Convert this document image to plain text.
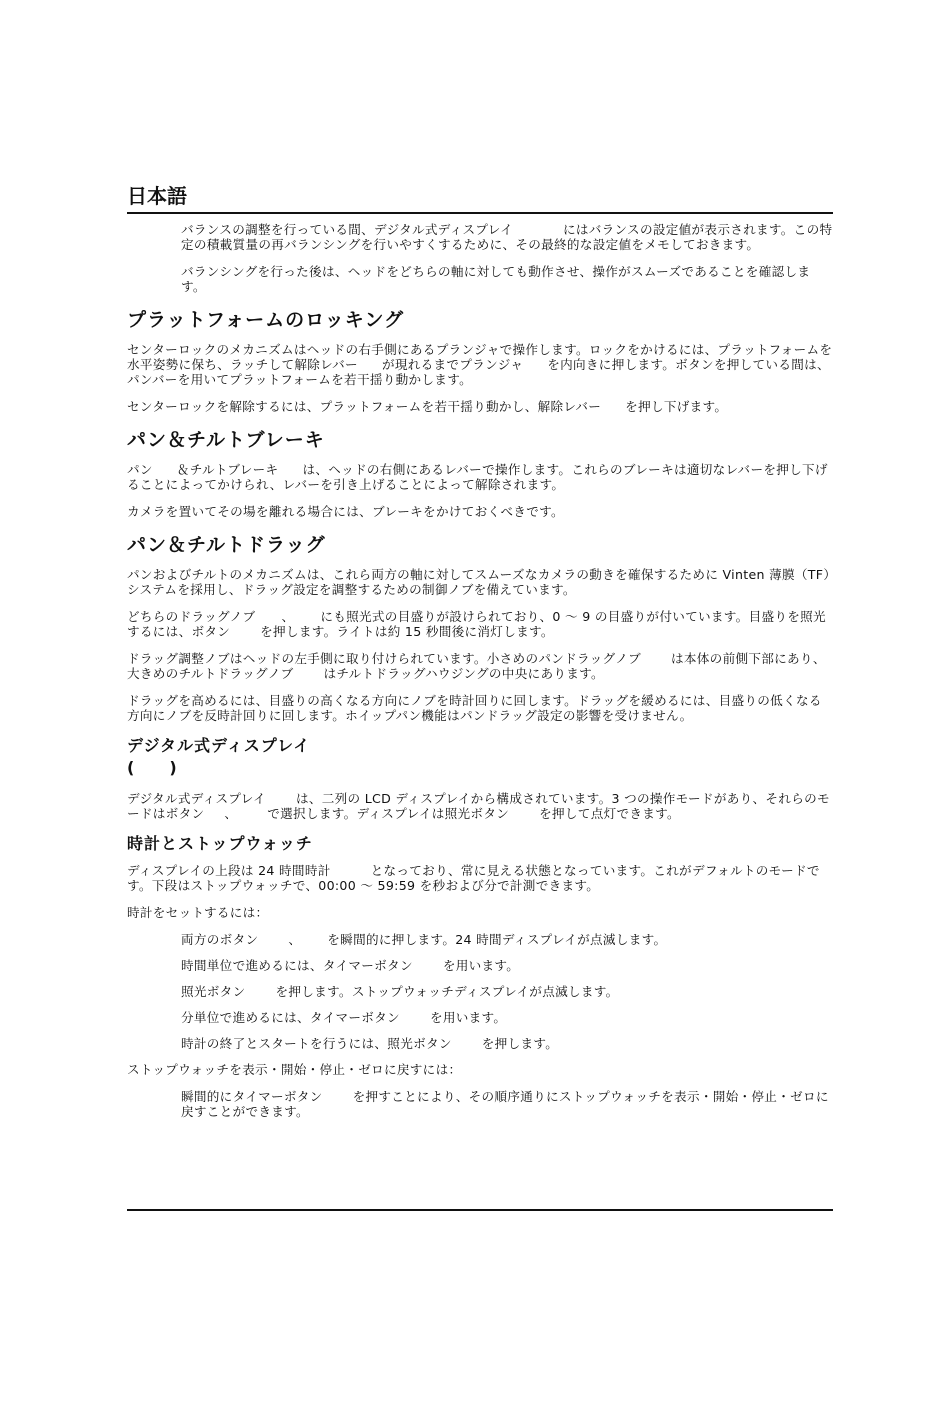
日本語

バランスの調整を行っている間、デジタル式ディスプレイ	にはバランスの設定値が表示されます。この特定の積載質量の再バランシングを行いやすくするために、その最終的な設定値をメモしておきます。

バランシングを行った後は、ヘッドをどちらの軸に対しても動作させ、操作がスムーズであることを確認します。

プラットフォームのロッキング

センターロックのメカニズムはヘッドの右手側にあるプランジャで操作します。ロックをかけるには、プラットフォームを水平姿勢に保ち、ラッチして解除レバー が現れるまでプランジャ を内向きに押します。ボタンを押している間は、パンバーを用いてプラットフォームを若干揺り動かします。

センターロックを解除するには、プラットフォームを若干揺り動かし、解除レバー を押し下げます。

パン＆チルトブレーキ

パン ＆チルトブレーキ は、ヘッドの右側にあるレバーで操作します。これらのブレーキは適切なレバーを押し下げることによってかけられ、レバーを引き上げることによって解除されます。

カメラを置いてその場を離れる場合には、ブレーキをかけておくべきです。

パン＆チルトドラッグ

パンおよびチルトのメカニズムは、これら両方の軸に対してスムーズなカメラの動きを確保するために Vinten 薄膜（TF）システムを採用し、ドラッグ設定を調整するための制御ノブを備えています。

どちらのドラッグノブ 、 にも照光式の目盛りが設けられており、0 ～ 9 の目盛りが付いています。目盛りを照光するには、ボタン を押します。ライトは約 15 秒間後に消灯します。

ドラッグ調整ノブはヘッドの左手側に取り付けられています。小さめのパンドラッグノブ は本体の前側下部にあり、大きめのチルトドラッグノブ はチルトドラッグハウジングの中央にあります。

ドラッグを高めるには、目盛りの高くなる方向にノブを時計回りに回します。ドラッグを緩めるには、目盛りの低くなる方向にノブを反時計回りに回します。ホイップパン機能はパンドラッグ設定の影響を受けません。

デジタル式ディスプレイ
(　　)

デジタル式ディスプレイ は、二列の LCD ディスプレイから構成されています。3 つの操作モードがあり、それらのモードはボタン 、 で選択します。ディスプレイは照光ボタン を押して点灯できます。

時計とストップウォッチ

ディスプレイの上段は 24 時間時計	となっており、常に見える状態となっています。これがデフォルトのモードです。下段はストップウォッチで、00:00 ～ 59:59 を秒および分で計測できます。

時計をセットするには：

両方のボタン 、 を瞬間的に押します。24 時間ディスプレイが点滅します。

時間単位で進めるには、タイマーボタン を用います。

照光ボタン を押します。ストップウォッチディスプレイが点滅します。

分単位で進めるには、タイマーボタン を用います。

時計の終了とスタートを行うには、照光ボタン を押します。

ストップウォッチを表示・開始・停止・ゼロに戻すには：

瞬間的にタイマーボタン を押すことにより、その順序通りにストップウォッチを表示・開始・停止・ゼロに戻すことができます。
